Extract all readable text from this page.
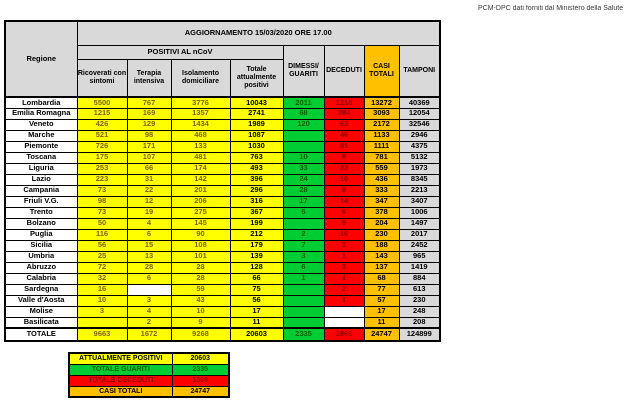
PCM-DPC dati forniti dal Ministero della Salute
Regione	AGGIORNAMENTO 15/03/2020 ORE 17.00							
	POSITIVI AL nCoV				DIMESSI/ GUARITI	DECEDUTI	CASI TOTALI	TAMPONI
	Ricoverati con sintomi	Terapia intensiva	Isolamento domiciliare	Totale attualmente positivi				
Lombardia	5500	767	3776	10043	2011	1218	13272	40369
Emilia Romagna	1215	169	1357	2741	68	284	3093	12054
Veneto	426	129	1434	1989	120	63	2172	32546
Marche	521	98	468	1087		46	1133	2946
Piemonte	726	171	133	1030		81	1111	4375
Toscana	175	107	481	763	10	8	781	5132
Liguria	253	66	174	493	33	33	559	1973
Lazio	223	31	142	396	24	16	436	8345
Campania	73	22	201	296	28	9	333	2213
Friuli V.G.	98	12	206	316	17	14	347	3407
Trento	73	19	275	367	5	6	378	1006
Bolzano	50	4	145	199		5	204	1497
Puglia	116	6	90	212	2	16	230	2017
Sicilia	56	15	108	179	7	2	188	2452
Umbria	25	13	101	139	3	1	143	965
Abruzzo	72	28	28	128	6	3	137	1419
Calabria	32	6	28	66	1	1	68	884
Sardegna	16		59	75		2	77	613
Valle d'Aosta	10	3	43	56		1	57	230
Molise	3	4	10	17			17	248
Basilicata		2	9	11			11	208
TOTALE	9663	1672	9268	20603	2335	1809	24747	124899
ATTUALMENTE POSITIVI	20603
TOTALE GUARITI	2335
TOTALE DECEDUTI	1809
CASI TOTALI	24747
